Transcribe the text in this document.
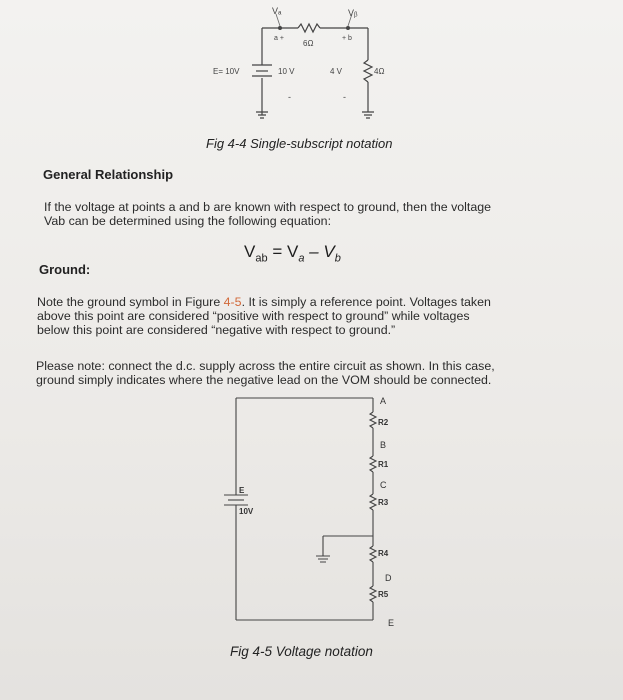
Vₐ	Vᵦ
a +	+ b
6Ω
E= 10V	10 V	4 V	4Ω
-	-
Fig 4-4 Single-subscript notation
General Relationship
If the voltage at points a and b are known with respect to ground, then the voltage
Vab can be determined using the following equation:
$V_{ab} = V_a - V_b$
Ground:
Note the ground symbol in Figure 4-5. It is simply a reference point. Voltages taken
above this point are considered “positive with respect to ground” while voltages
below this point are considered “negative with respect to ground.”
Please note: connect the d.c. supply across the entire circuit as shown. In this case,
ground simply indicates where the negative lead on the VOM should be connected.
A
R2
B
R1
C
R3
R4
D
R5
E
E
10V
Fig 4-5 Voltage notation
